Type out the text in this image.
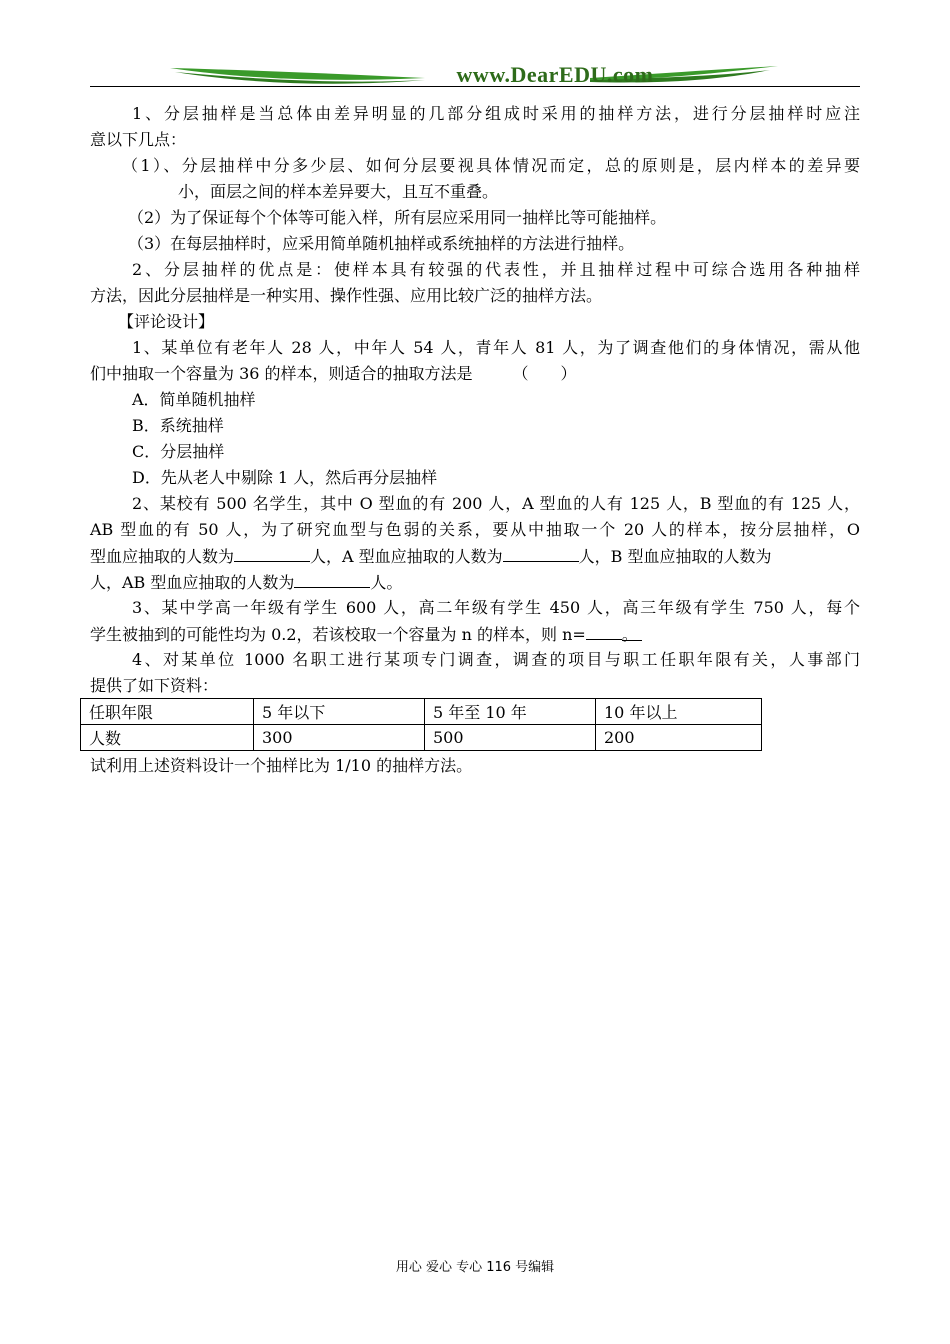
www.DearEDU.com
1、分层抽样是当总体由差异明显的几部分组成时采用的抽样方法，进行分层抽样时应注
意以下几点：
（1）、分层抽样中分多少层、如何分层要视具体情况而定，总的原则是，层内样本的差异要
小，面层之间的样本差异要大，且互不重叠。
（2）为了保证每个个体等可能入样，所有层应采用同一抽样比等可能抽样。
（3）在每层抽样时，应采用简单随机抽样或系统抽样的方法进行抽样。
2、分层抽样的优点是：使样本具有较强的代表性，并且抽样过程中可综合选用各种抽样
方法，因此分层抽样是一种实用、操作性强、应用比较广泛的抽样方法。
【评论设计】
1、某单位有老年人 28 人，中年人 54 人，青年人 81 人，为了调查他们的身体情况，需从他
们中抽取一个容量为 36 的样本，则适合的抽取方法是　　　（　　）
A．简单随机抽样
B．系统抽样
C．分层抽样
D．先从老人中剔除 1 人，然后再分层抽样
2、某校有 500 名学生，其中 O 型血的有 200 人，A 型血的人有 125 人，B 型血的有 125 人，
AB 型血的有 50 人，为了研究血型与色弱的关系，要从中抽取一个 20 人的样本，按分层抽样，O
型血应抽取的人数为	人，A 型血应抽取的人数为	人，B 型血应抽取的人数为
人，AB 型血应抽取的人数为	人。
3、某中学高一年级有学生 600 人，高二年级有学生 450 人，高三年级有学生 750 人，每个
学生被抽到的可能性均为 0.2，若该校取一个容量为 n 的样本，则 n= 。
4、对某单位 1000 名职工进行某项专门调查，调查的项目与职工任职年限有关，人事部门
提供了如下资料：
任职年限	5 年以下	5 年至 10 年	10 年以上
人数	300	500	200
试利用上述资料设计一个抽样比为 1/10 的抽样方法。
用心 爱心 专心 116 号编辑
